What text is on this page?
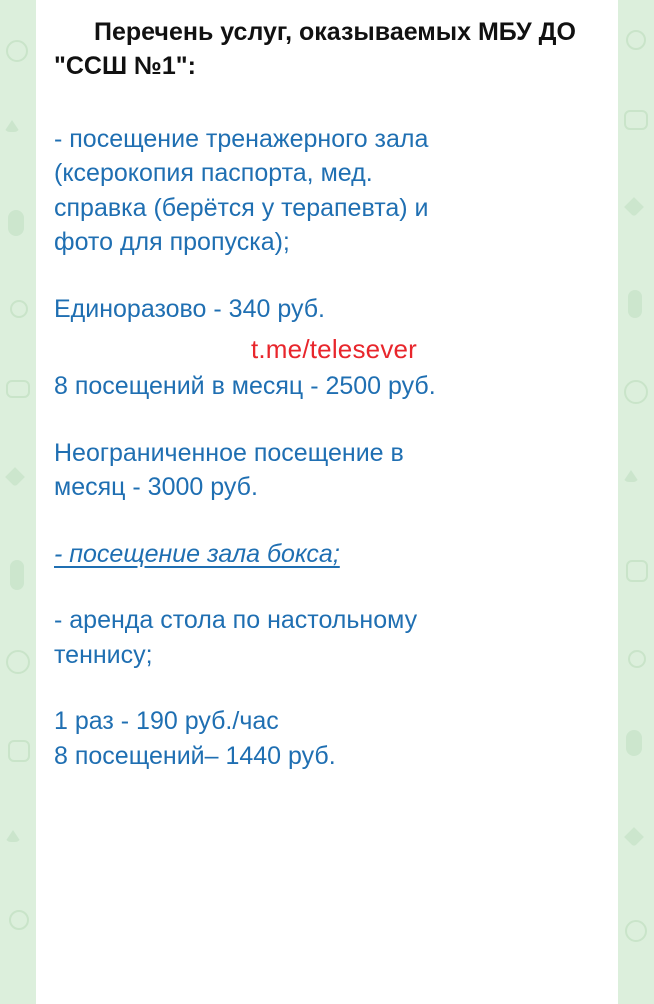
Перечень услуг, оказываемых МБУ ДО "ССШ №1":

- посещение тренажерного зала
(ксерокопия паспорта, мед.
справка (берётся у терапевта) и
фото для пропуска);

Единоразово - 340 руб.

t.me/telesever

8 посещений в месяц - 2500 руб.

Неограниченное посещение в
месяц - 3000 руб.

- посещение зала бокса;

- аренда стола по настольному
теннису;

1 раз - 190 руб./час
8 посещений– 1440 руб.
